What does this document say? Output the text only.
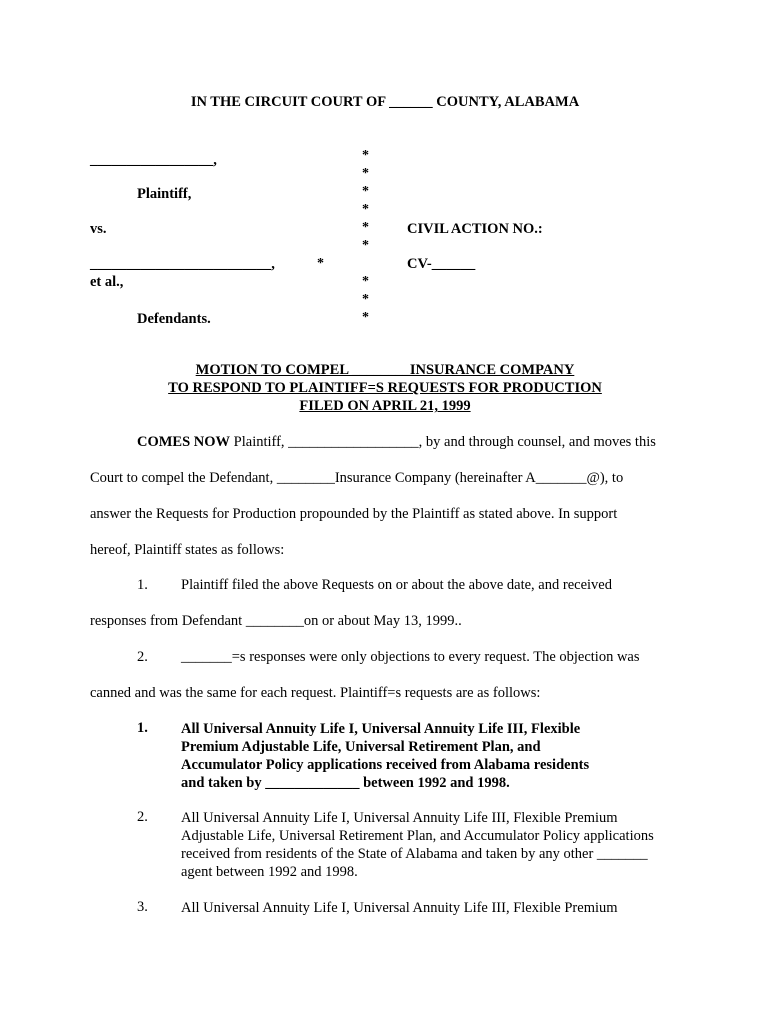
IN THE CIRCUIT COURT OF ______ COUNTY, ALABAMA
_________________,
Plaintiff,
vs.
_________________________,
et al.,
Defendants.
*
*
*
*
*
*
*
*
*
*
CIVIL ACTION NO.:
CV-______
MOTION TO COMPEL ________INSURANCE COMPANY
TO RESPOND TO PLAINTIFF=S REQUESTS FOR PRODUCTION
FILED ON APRIL 21, 1999
COMES NOW Plaintiff, __________________, by and through counsel, and moves this
Court to compel the Defendant, ________Insurance Company (hereinafter A_______@), to
answer the Requests for Production propounded by the Plaintiff as stated above. In support
hereof, Plaintiff states as follows:
1. Plaintiff filed the above Requests on or about the above date, and received
responses from Defendant ________on or about May 13, 1999..
2. _______=s responses were only objections to every request. The objection was
canned and was the same for each request. Plaintiff=s requests are as follows:
1. All Universal Annuity Life I, Universal Annuity Life III, Flexible
Premium Adjustable Life, Universal Retirement Plan, and
Accumulator Policy applications received from Alabama residents
and taken by _____________ between 1992 and 1998.
2. All Universal Annuity Life I, Universal Annuity Life III, Flexible Premium
Adjustable Life, Universal Retirement Plan, and Accumulator Policy applications
received from residents of the State of Alabama and taken by any other _______
agent between 1992 and 1998.
3. All Universal Annuity Life I, Universal Annuity Life III, Flexible Premium
